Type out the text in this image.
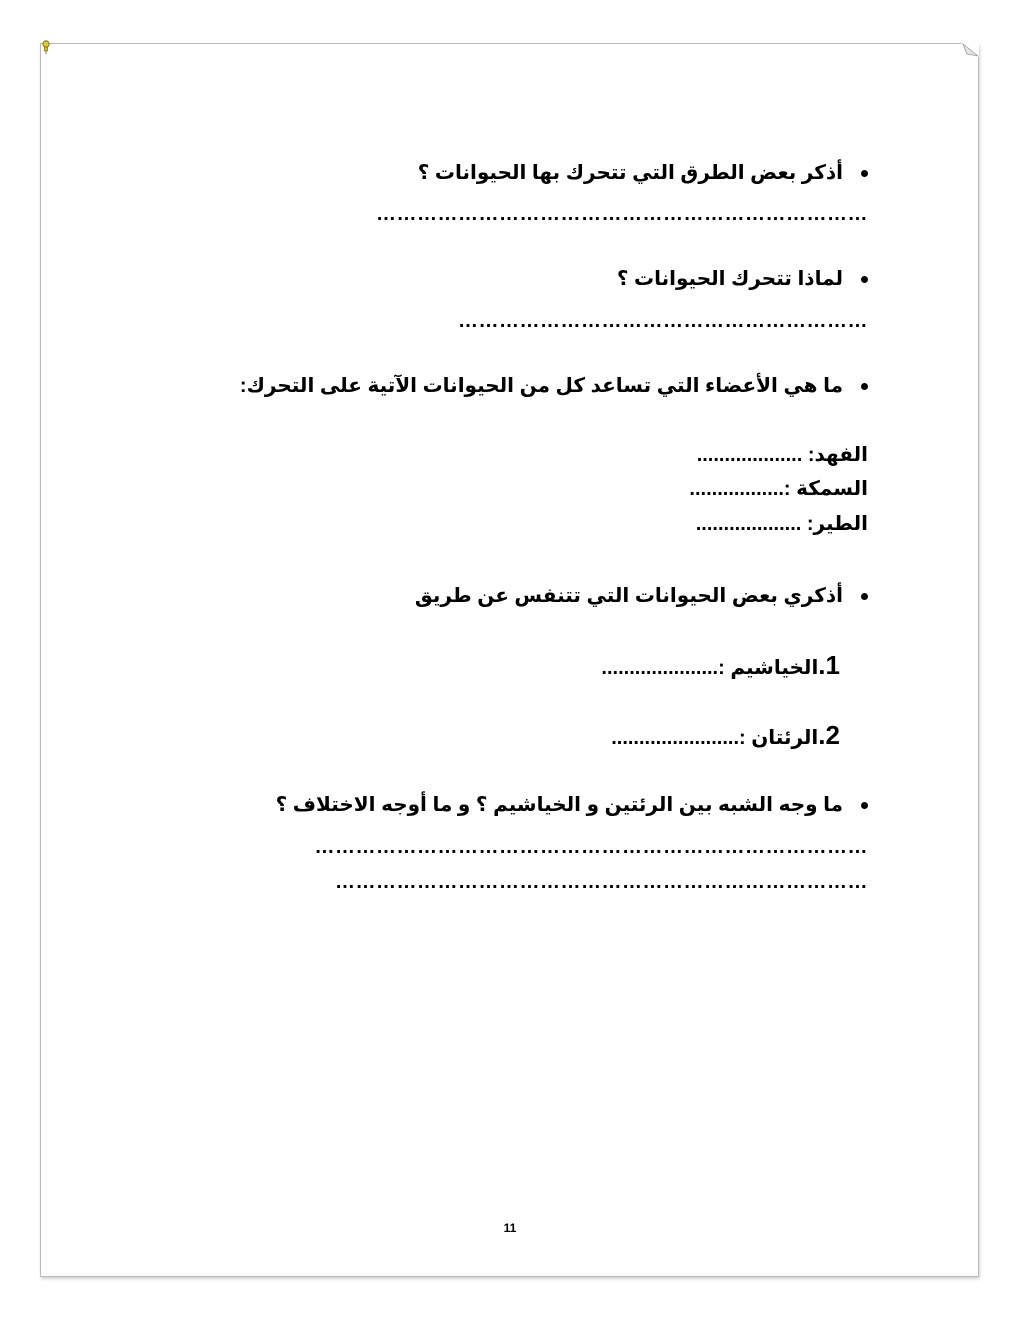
أذكر بعض الطرق التي تتحرك بها الحيوانات ؟
………………………………………………………………
لماذا تتحرك الحيوانات ؟
……………………………………………………
ما هي الأعضاء التي تساعد كل من الحيوانات الآتية على التحرك:
الفهد: ...................
السمكة :.................
الطير: ...................
أذكري بعض الحيوانات التي تتنفس عن طريق
1.الخياشيم :.....................
2.الرئتان :.......................
ما وجه الشبه بين الرئتين و الخياشيم ؟ و ما أوجه الاختلاف ؟
………………………………………………………………………
……………………………………………………………………
11
